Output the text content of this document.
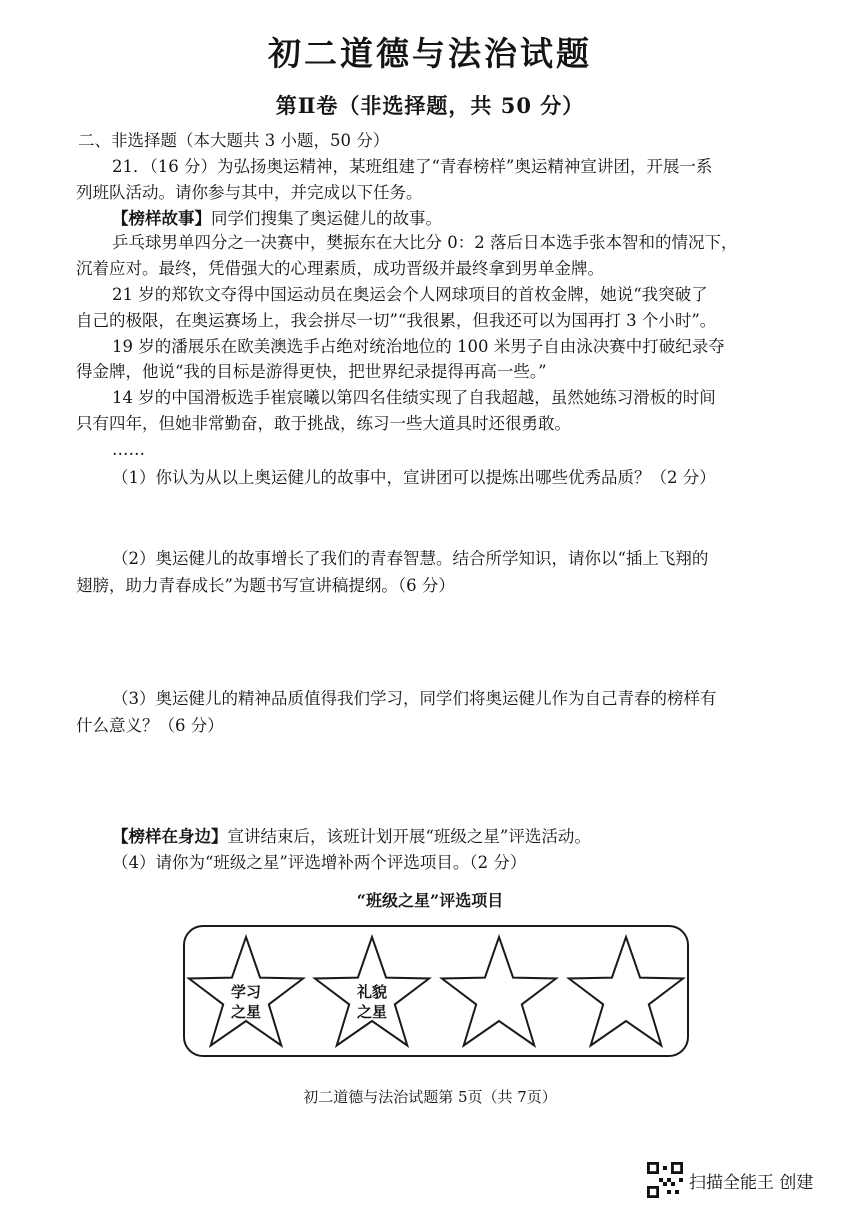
初二道德与法治试题
第Ⅱ卷（非选择题，共 50 分）
二、非选择题（本大题共 3 小题，50 分）
21．（16 分）为弘扬奥运精神，某班组建了“青春榜样”奥运精神宣讲团，开展一系
列班队活动。请你参与其中，并完成以下任务。
【榜样故事】同学们搜集了奥运健儿的故事。
乒乓球男单四分之一决赛中，樊振东在大比分 0：2 落后日本选手张本智和的情况下，
沉着应对。最终，凭借强大的心理素质，成功晋级并最终拿到男单金牌。
21 岁的郑钦文夺得中国运动员在奥运会个人网球项目的首枚金牌，她说“我突破了
自己的极限，在奥运赛场上，我会拼尽一切”“我很累，但我还可以为国再打 3 个小时”。
19 岁的潘展乐在欧美澳选手占绝对统治地位的 100 米男子自由泳决赛中打破纪录夺
得金牌，他说“我的目标是游得更快，把世界纪录提得再高一些。”
14 岁的中国滑板选手崔宸曦以第四名佳绩实现了自我超越，虽然她练习滑板的时间
只有四年，但她非常勤奋，敢于挑战，练习一些大道具时还很勇敢。
……
（1）你认为从以上奥运健儿的故事中，宣讲团可以提炼出哪些优秀品质？（2 分）
（2）奥运健儿的故事增长了我们的青春智慧。结合所学知识，请你以“插上飞翔的
翅膀，助力青春成长”为题书写宣讲稿提纲。（6 分）
（3）奥运健儿的精神品质值得我们学习，同学们将奥运健儿作为自己青春的榜样有
什么意义？（6 分）
【榜样在身边】宣讲结束后，该班计划开展“班级之星”评选活动。
（4）请你为“班级之星”评选增补两个评选项目。（2 分）
“班级之星”评选项目
学习
之星
礼貌
之星
初二道德与法治试题第 5页（共 7页）
扫描全能王 创建
